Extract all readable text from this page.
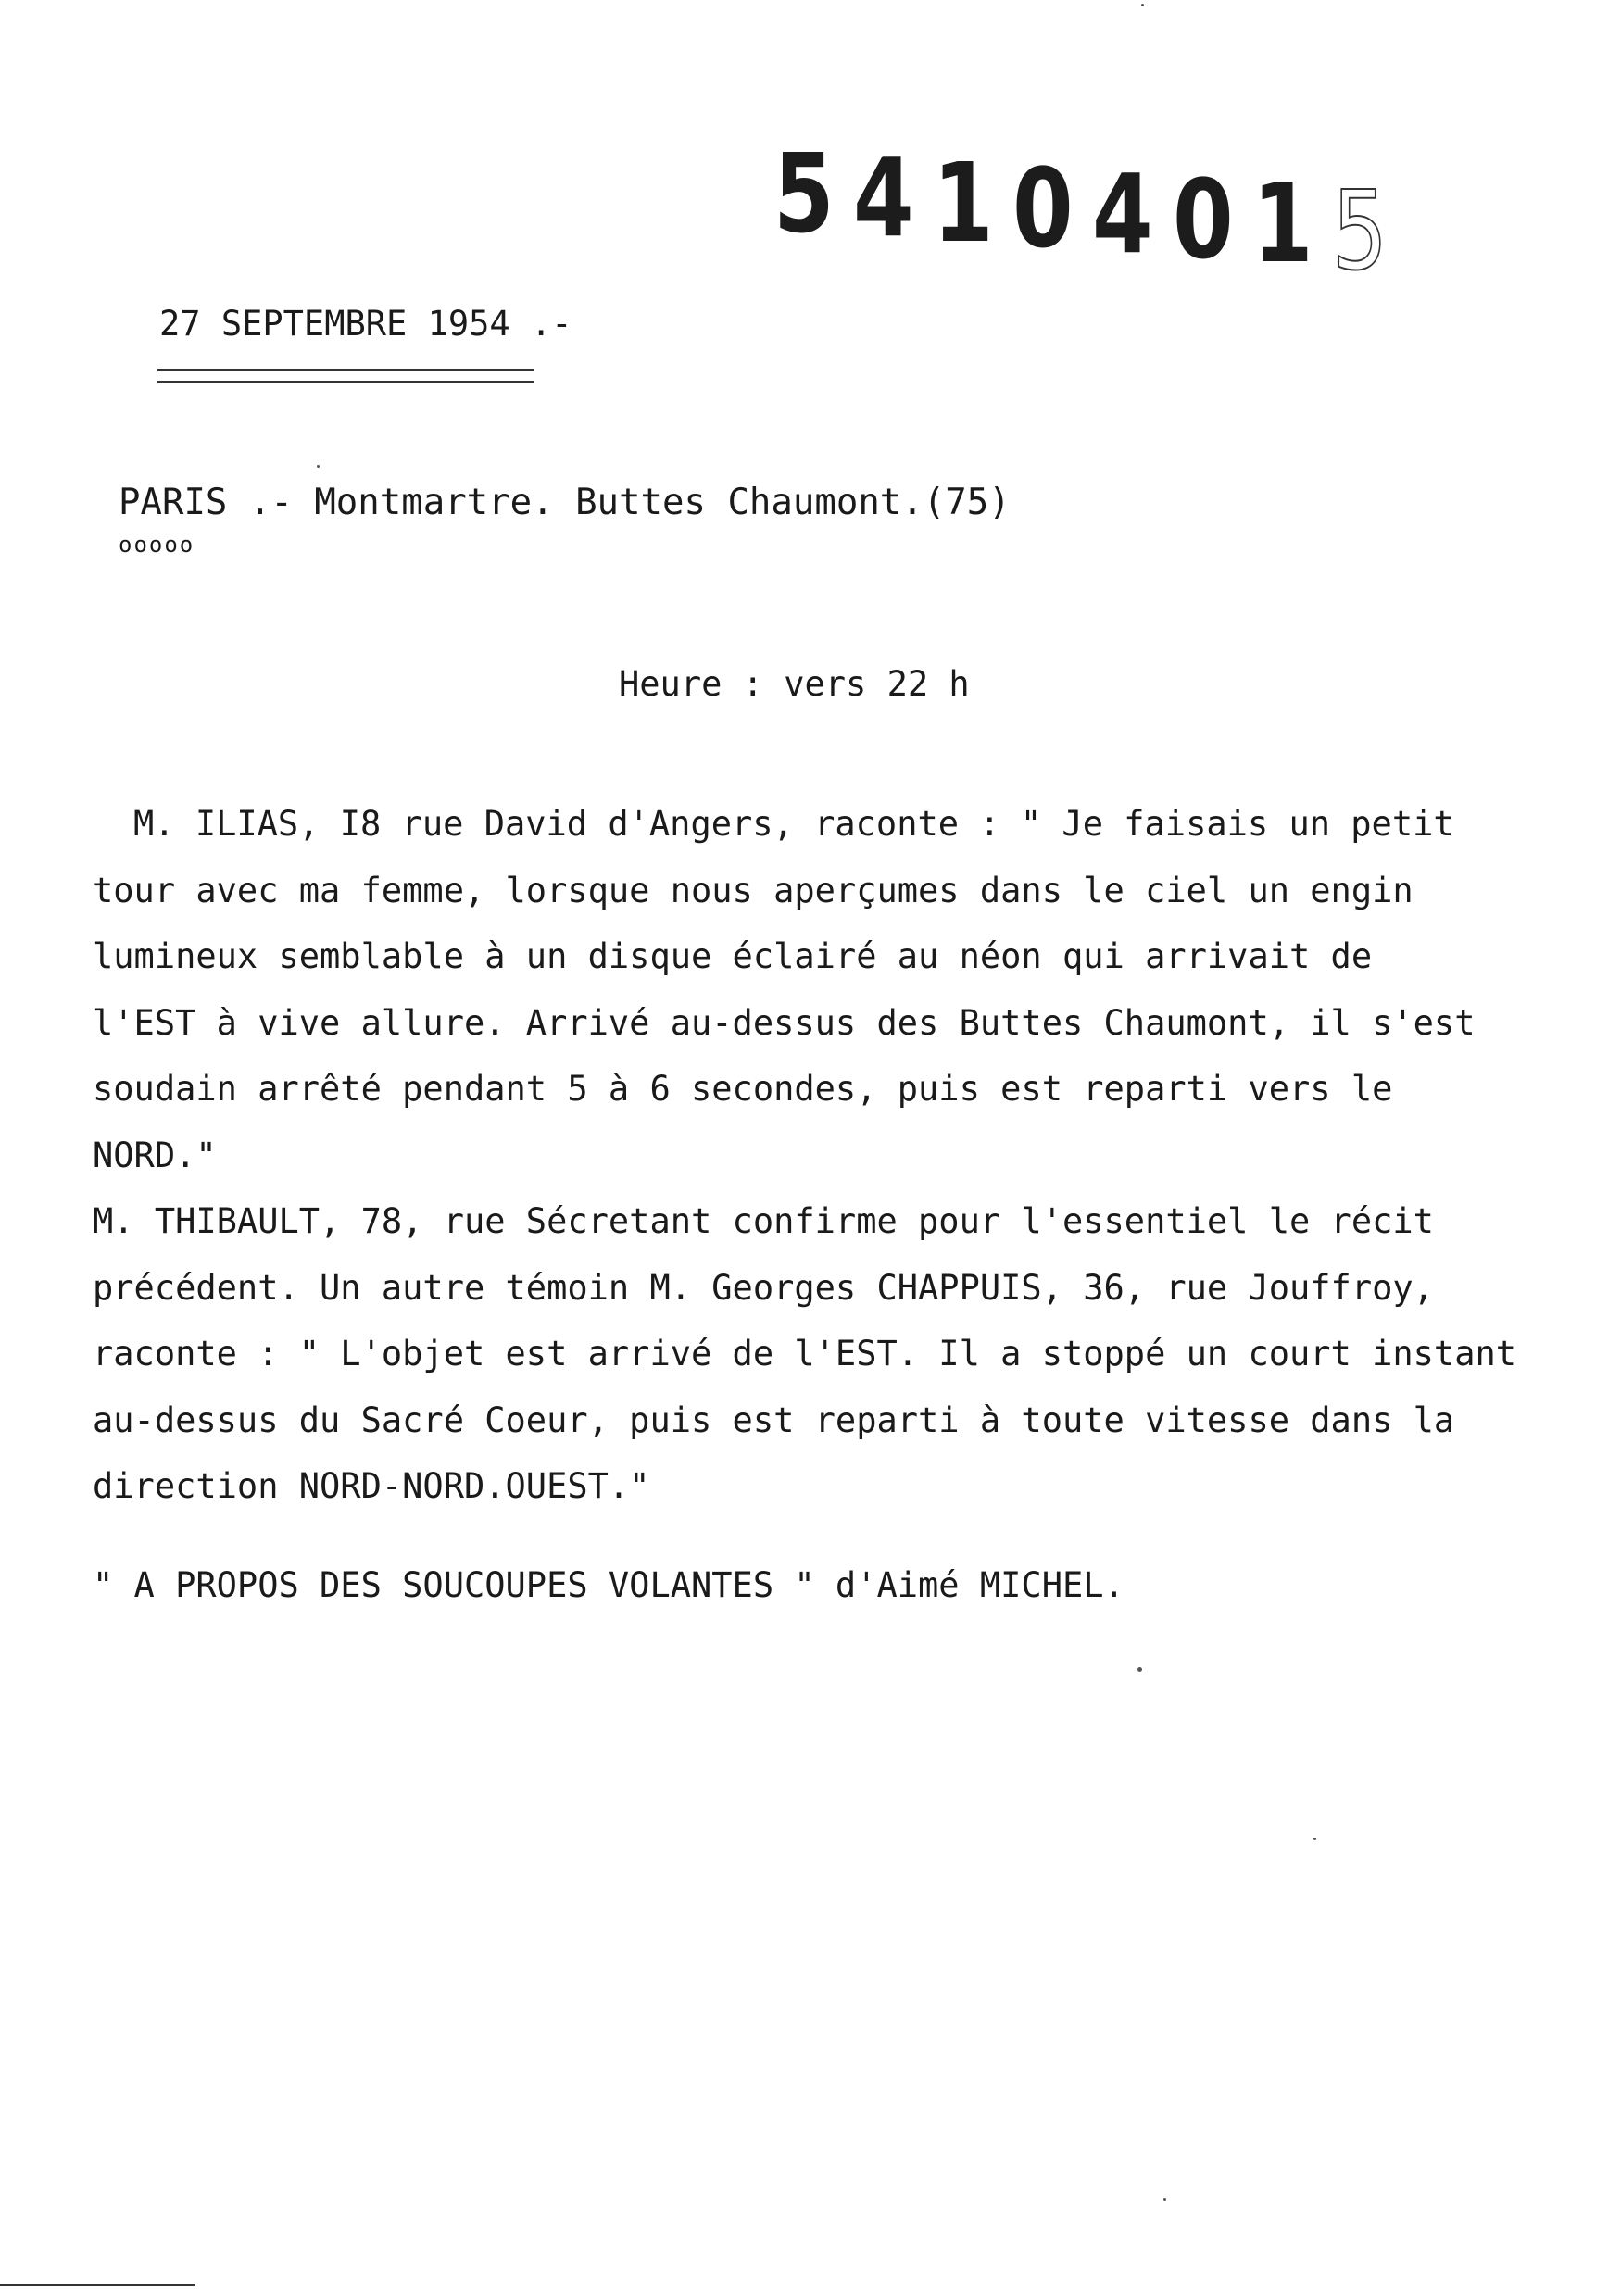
54104015
27 SEPTEMBRE 1954 .-
PARIS .- Montmartre. Buttes Chaumont.(75)
ooooo
Heure : vers 22 h
M. ILIAS, I8 rue David d'Angers, raconte : " Je faisais un petit
tour avec ma femme, lorsque nous aperçumes dans le ciel un engin
lumineux semblable à un disque éclairé au néon qui arrivait de
l'EST à vive allure. Arrivé au-dessus des Buttes Chaumont, il s'est
soudain arrêté pendant 5 à 6 secondes, puis est reparti vers le
NORD."
M. THIBAULT, 78, rue Sécretant confirme pour l'essentiel le récit
précédent. Un autre témoin M. Georges CHAPPUIS, 36, rue Jouffroy,
raconte : " L'objet est arrivé de l'EST. Il a stoppé un court instant
au-dessus du Sacré Coeur, puis est reparti à toute vitesse dans la
direction NORD-NORD.OUEST."
" A PROPOS DES SOUCOUPES VOLANTES " d'Aimé MICHEL.
